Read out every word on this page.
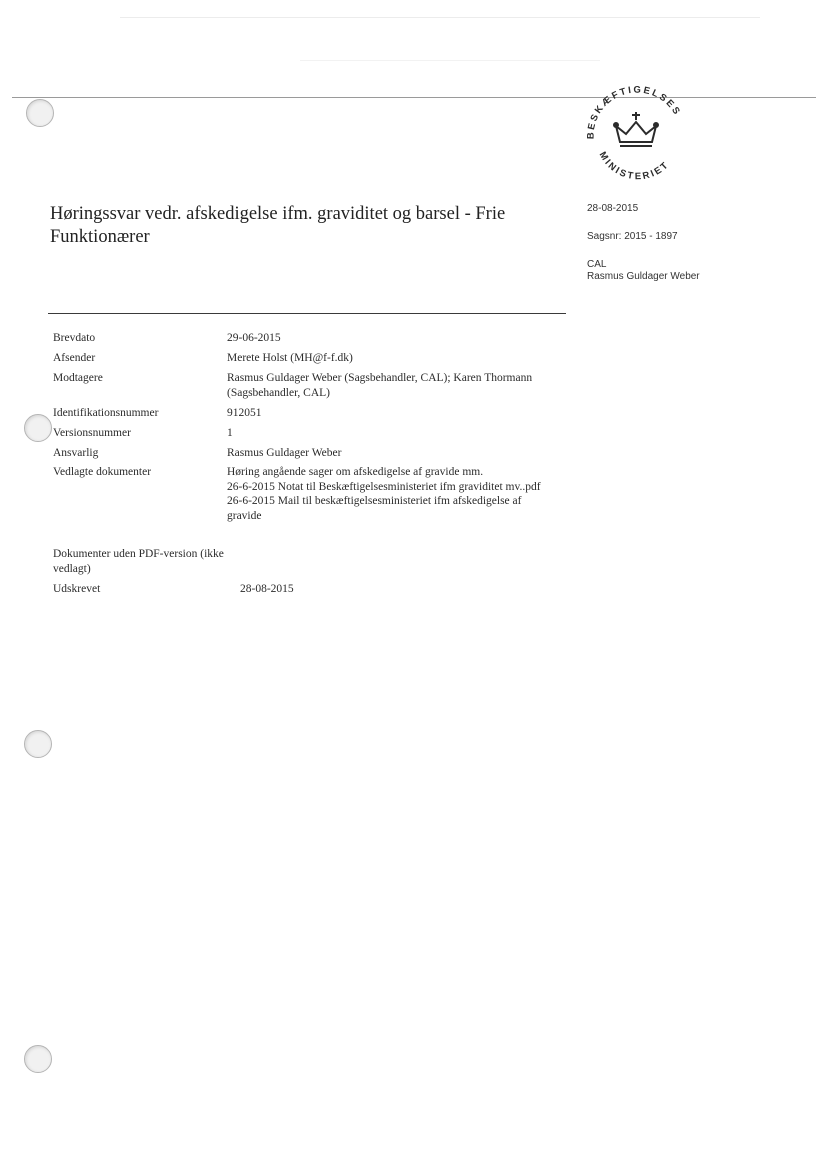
BESKÆFTIGELSES
MINISTERIET
Høringssvar vedr. afskedigelse ifm. graviditet og barsel - Frie Funktionærer
28-08-2015
Sagsnr: 2015 - 1897
CAL
Rasmus Guldager Weber
Brevdato	29-06-2015
Afsender	Merete Holst (MH@f-f.dk)
Modtagere	Rasmus Guldager Weber (Sagsbehandler, CAL); Karen Thormann (Sagsbehandler, CAL)
Identifikationsnummer	912051
Versionsnummer	1
Ansvarlig	Rasmus Guldager Weber
Vedlagte dokumenter	Høring angående sager om afskedigelse af gravide mm.
26-6-2015 Notat til Beskæftigelsesministeriet ifm graviditet mv..pdf
26-6-2015 Mail til beskæftigelsesministeriet ifm afskedigelse af gravide
Dokumenter uden PDF-version (ikke vedlagt)
Udskrevet	28-08-2015
